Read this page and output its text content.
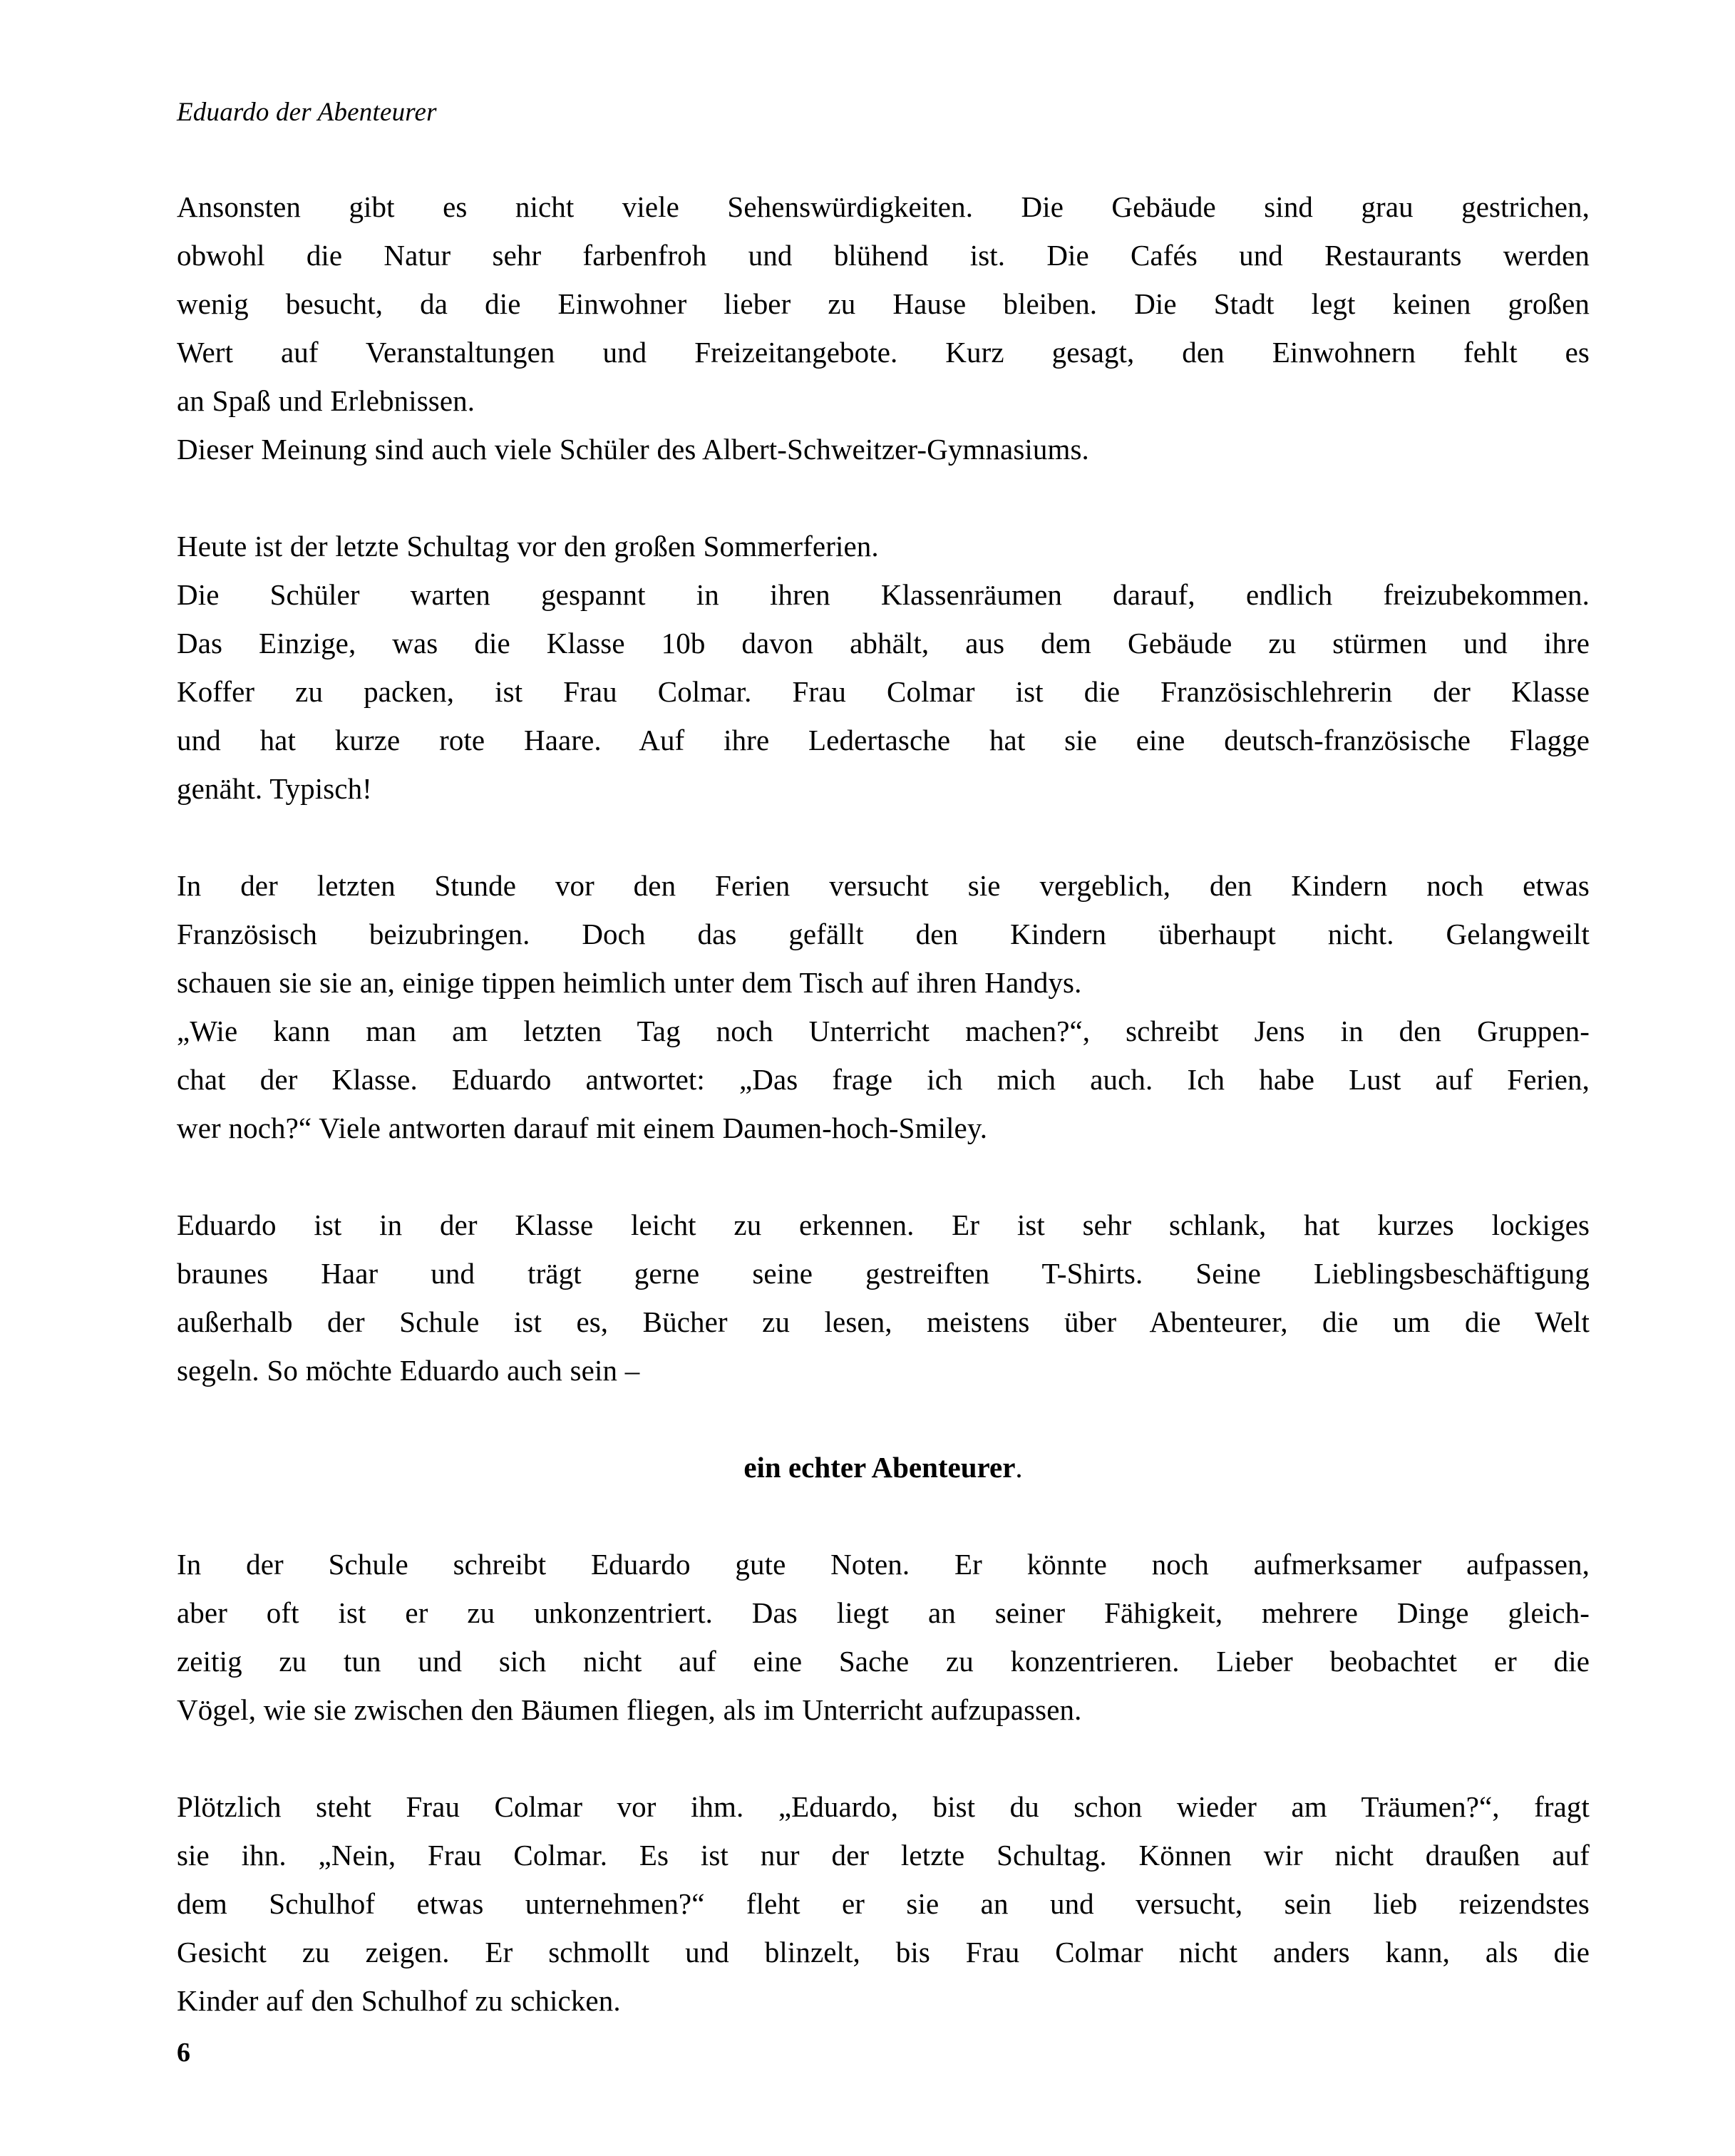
Eduardo der Abenteurer

Ansonsten gibt es nicht viele Sehenswürdigkeiten. Die Gebäude sind grau gestrichen,
obwohl die Natur sehr farbenfroh und blühend ist. Die Cafés und Restaurants werden
wenig besucht, da die Einwohner lieber zu Hause bleiben. Die Stadt legt keinen großen
Wert auf Veranstaltungen und Freizeitangebote. Kurz gesagt, den Einwohnern fehlt es
an Spaß und Erlebnissen.
Dieser Meinung sind auch viele Schüler des Albert-Schweitzer-Gymnasiums.

Heute ist der letzte Schultag vor den großen Sommerferien.
Die Schüler warten gespannt in ihren Klassenräumen darauf, endlich freizubekommen.
Das Einzige, was die Klasse 10b davon abhält, aus dem Gebäude zu stürmen und ihre
Koffer zu packen, ist Frau Colmar. Frau Colmar ist die Französischlehrerin der Klasse
und hat kurze rote Haare. Auf ihre Ledertasche hat sie eine deutsch-französische Flagge
genäht. Typisch!

In der letzten Stunde vor den Ferien versucht sie vergeblich, den Kindern noch etwas
Französisch beizubringen. Doch das gefällt den Kindern überhaupt nicht. Gelangweilt
schauen sie sie an, einige tippen heimlich unter dem Tisch auf ihren Handys.
„Wie kann man am letzten Tag noch Unterricht machen?“, schreibt Jens in den Gruppen-
chat der Klasse. Eduardo antwortet: „Das frage ich mich auch. Ich habe Lust auf Ferien,
wer noch?“ Viele antworten darauf mit einem Daumen-hoch-Smiley.

Eduardo ist in der Klasse leicht zu erkennen. Er ist sehr schlank, hat kurzes lockiges
braunes Haar und trägt gerne seine gestreiften T-Shirts. Seine Lieblingsbeschäftigung
außerhalb der Schule ist es, Bücher zu lesen, meistens über Abenteurer, die um die Welt
segeln. So möchte Eduardo auch sein –

ein echter Abenteurer.

In der Schule schreibt Eduardo gute Noten. Er könnte noch aufmerksamer aufpassen,
aber oft ist er zu unkonzentriert. Das liegt an seiner Fähigkeit, mehrere Dinge gleich-
zeitig zu tun und sich nicht auf eine Sache zu konzentrieren. Lieber beobachtet er die
Vögel, wie sie zwischen den Bäumen fliegen, als im Unterricht aufzupassen.

Plötzlich steht Frau Colmar vor ihm. „Eduardo, bist du schon wieder am Träumen?“, fragt
sie ihn. „Nein, Frau Colmar. Es ist nur der letzte Schultag. Können wir nicht draußen auf
dem Schulhof etwas unternehmen?“ fleht er sie an und versucht, sein lieb reizendstes
Gesicht zu zeigen. Er schmollt und blinzelt, bis Frau Colmar nicht anders kann, als die
Kinder auf den Schulhof zu schicken.

6
